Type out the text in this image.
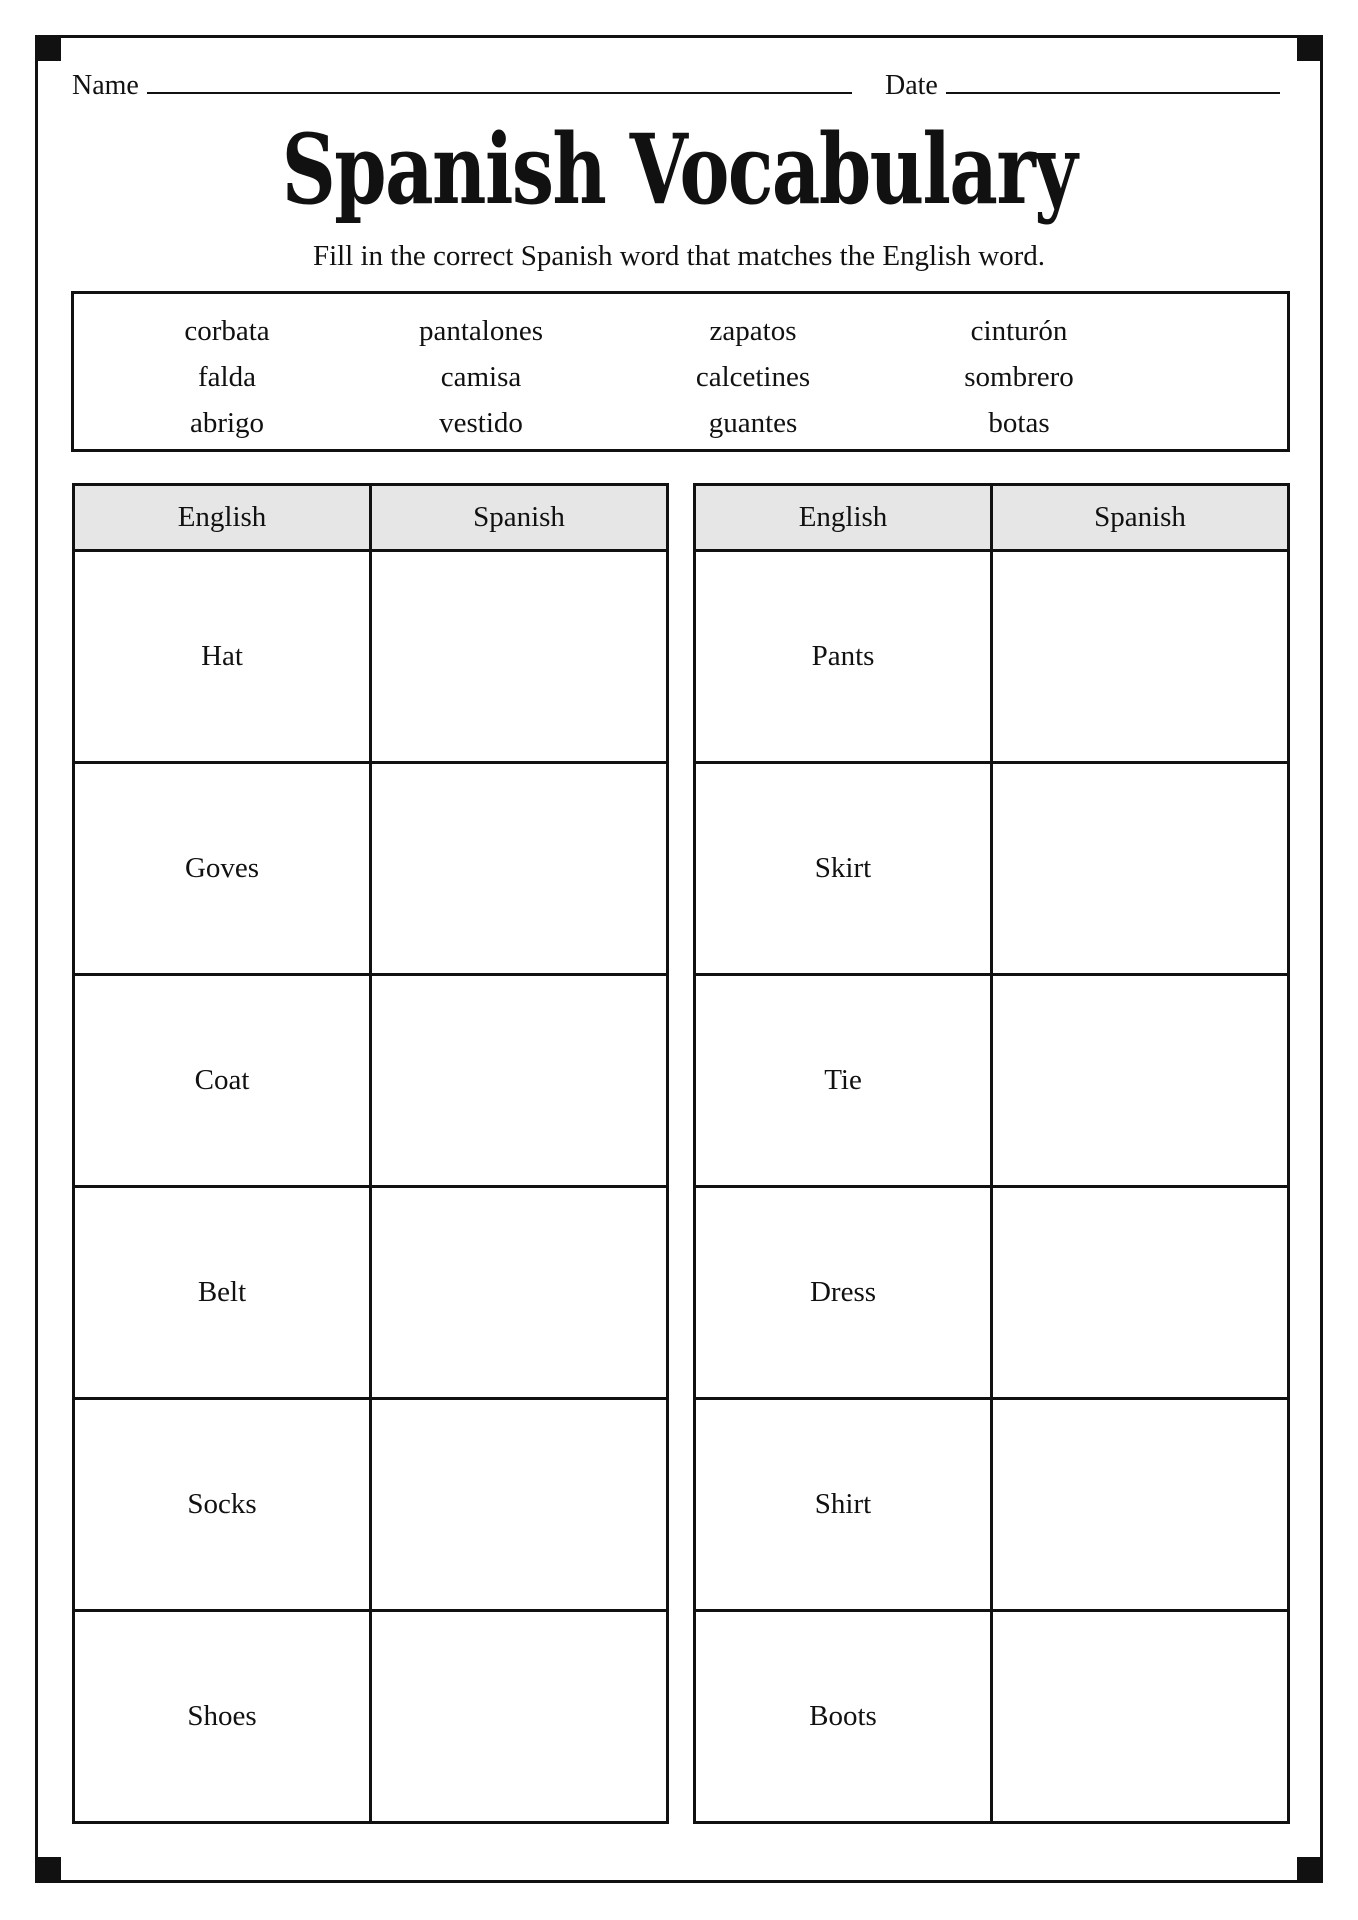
Name	Date
Spanish Vocabulary
Fill in the correct Spanish word that matches the English word.
corbata	pantalones	zapatos	cinturón
falda	camisa	calcetines	sombrero
abrigo	vestido	guantes	botas
English	Spanish
Hat	
Goves	
Coat	
Belt	
Socks	
Shoes	
English	Spanish
Pants	
Skirt	
Tie	
Dress	
Shirt	
Boots	
